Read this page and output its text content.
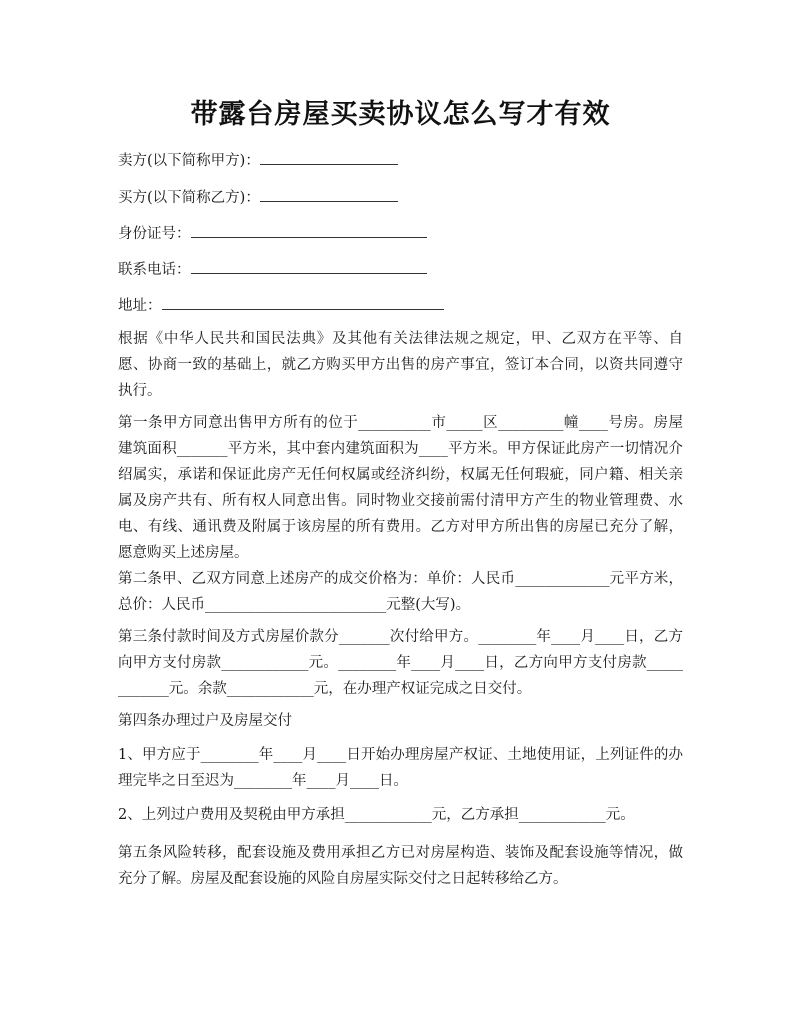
带露台房屋买卖协议怎么写才有效
卖方(以下简称甲方)：
买方(以下简称乙方)：
身份证号：
联系电话：
地址：
根据《中华人民共和国民法典》及其他有关法律法规之规定，甲、乙双方在平等、自愿、协商一致的基础上，就乙方购买甲方出售的房产事宜，签订本合同，以资共同遵守执行。
第一条甲方同意出售甲方所有的位于__________市_____区_________幢____号房。房屋建筑面积_______平方米，其中套内建筑面积为____平方米。甲方保证此房产一切情况介绍属实，承诺和保证此房产无任何权属或经济纠纷，权属无任何瑕疵，同户籍、相关亲属及房产共有、所有权人同意出售。同时物业交接前需付清甲方产生的物业管理费、水电、有线、通讯费及附属于该房屋的所有费用。乙方对甲方所出售的房屋已充分了解，愿意购买上述房屋。
第二条甲、乙双方同意上述房产的成交价格为：单价：人民币_____________元平方米，总价：人民币_________________________元整(大写)。
第三条付款时间及方式房屋价款分_______次付给甲方。________年____月____日，乙方向甲方支付房款____________元。________年____月____日，乙方向甲方支付房款____________元。余款____________元，在办理产权证完成之日交付。
第四条办理过户及房屋交付
1、甲方应于________年____月____日开始办理房屋产权证、土地使用证，上列证件的办理完毕之日至迟为________年____月____日。
2、上列过户费用及契税由甲方承担____________元，乙方承担____________元。
第五条风险转移，配套设施及费用承担乙方已对房屋构造、装饰及配套设施等情况，做充分了解。房屋及配套设施的风险自房屋实际交付之日起转移给乙方。
